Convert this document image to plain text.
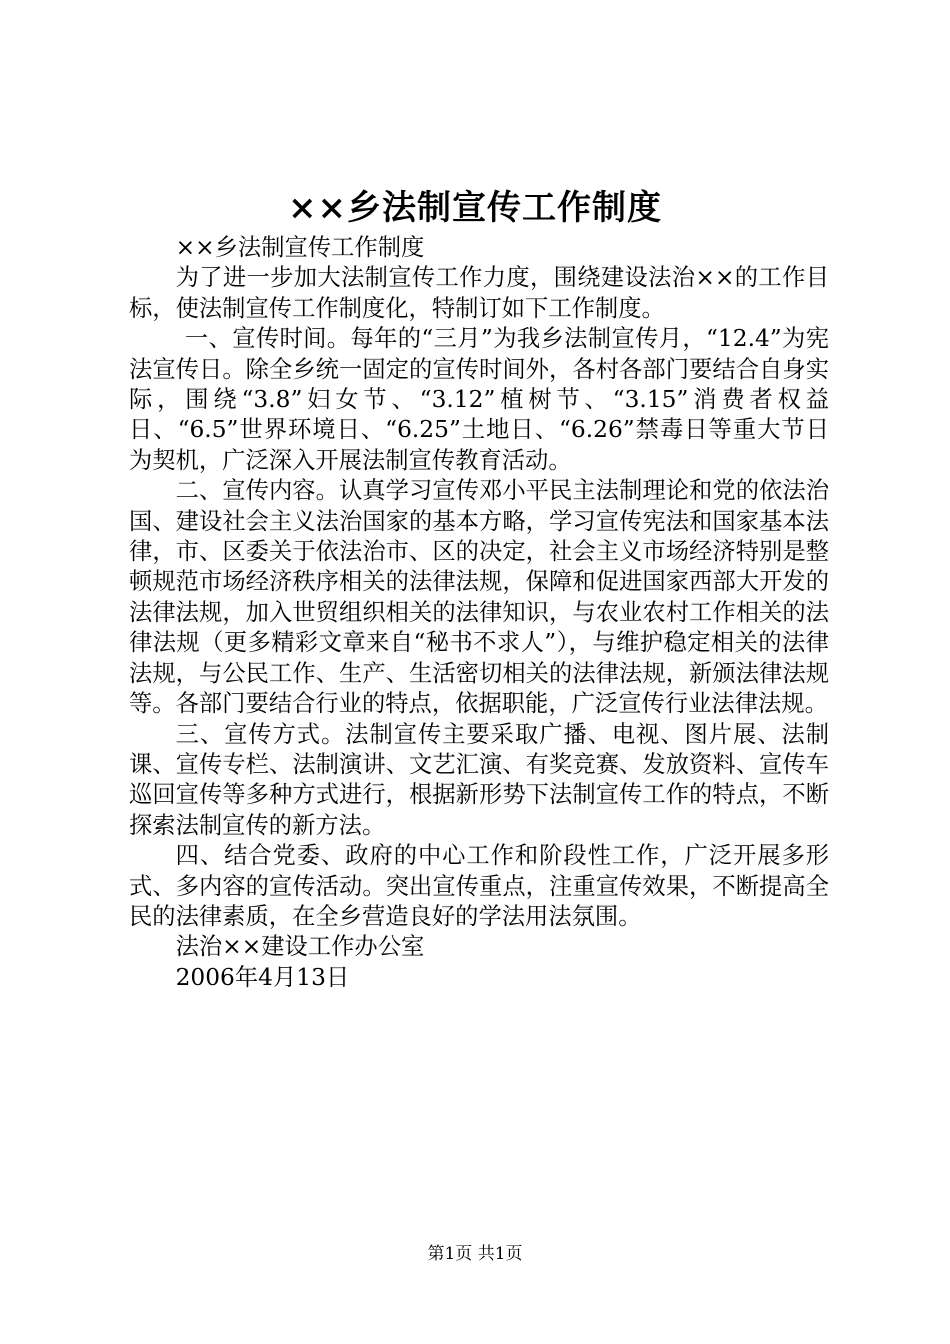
××乡法制宣传工作制度

××乡法制宣传工作制度

为了进一步加大法制宣传工作力度，围绕建设法治××的工作目标，使法制宣传工作制度化，特制订如下工作制度。

一、宣传时间。每年的“三月”为我乡法制宣传月，“12.4”为宪法宣传日。除全乡统一固定的宣传时间外，各村各部门要结合自身实际，围绕“3.8”妇女节、“3.12”植树节、“3.15”消费者权益日、“6.5”世界环境日、“6.25”土地日、“6.26”禁毒日等重大节日为契机，广泛深入开展法制宣传教育活动。

二、宣传内容。认真学习宣传邓小平民主法制理论和党的依法治国、建设社会主义法治国家的基本方略，学习宣传宪法和国家基本法律，市、区委关于依法治市、区的决定，社会主义市场经济特别是整顿规范市场经济秩序相关的法律法规，保障和促进国家西部大开发的法律法规，加入世贸组织相关的法律知识，与农业农村工作相关的法律法规（更多精彩文章来自“秘书不求人”），与维护稳定相关的法律法规，与公民工作、生产、生活密切相关的法律法规，新颁法律法规等。各部门要结合行业的特点，依据职能，广泛宣传行业法律法规。

三、宣传方式。法制宣传主要采取广播、电视、图片展、法制课、宣传专栏、法制演讲、文艺汇演、有奖竞赛、发放资料、宣传车巡回宣传等多种方式进行，根据新形势下法制宣传工作的特点，不断探索法制宣传的新方法。

四、结合党委、政府的中心工作和阶段性工作，广泛开展多形式、多内容的宣传活动。突出宣传重点，注重宣传效果，不断提高全民的法律素质，在全乡营造良好的学法用法氛围。

法治××建设工作办公室

2006年4月13日

第1页 共1页
